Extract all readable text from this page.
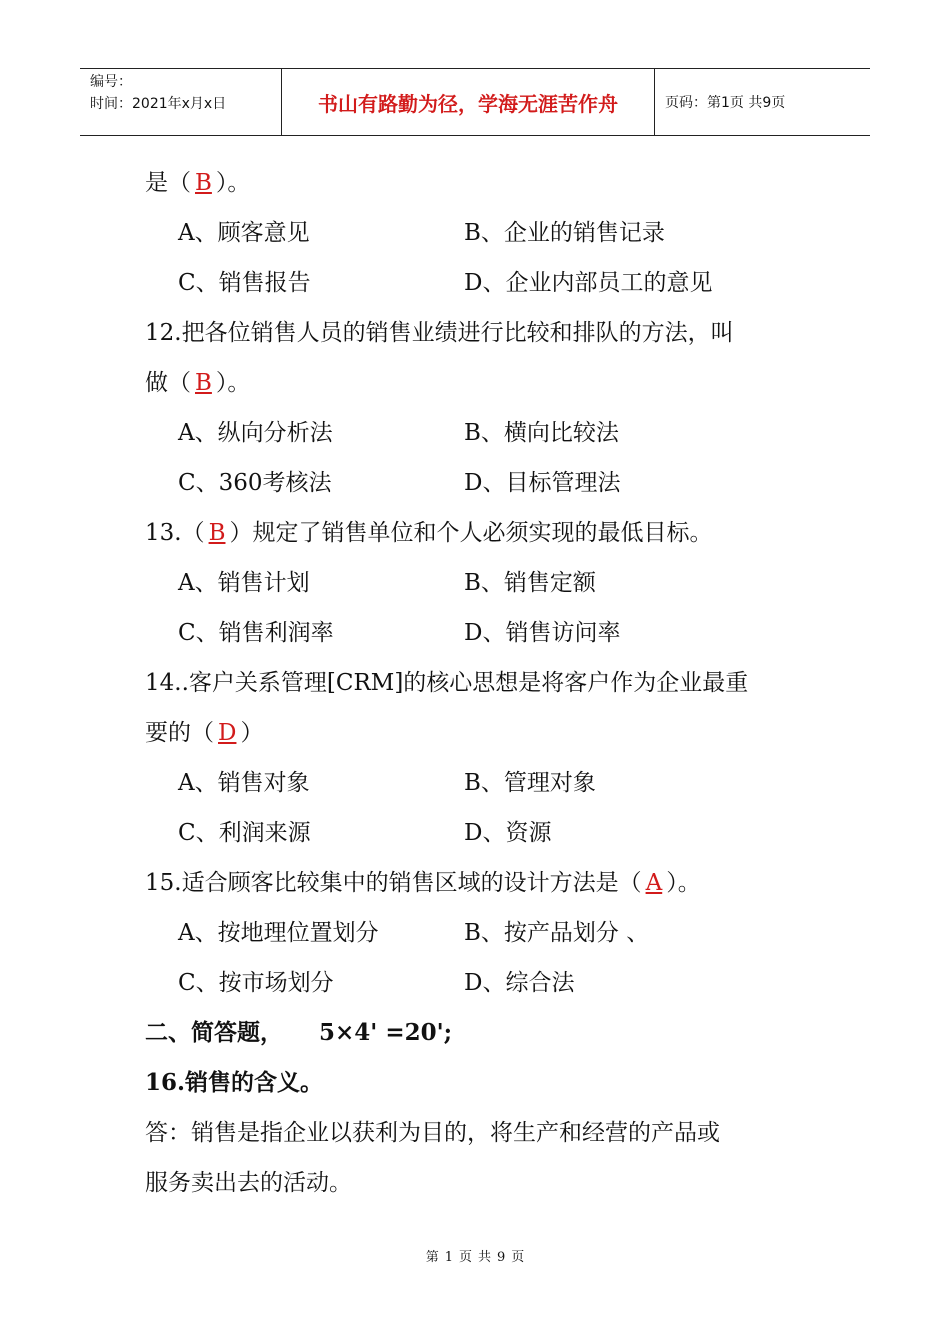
编号：
时间：2021年x月x日	书山有路勤为径，学海无涯苦作舟	页码：第1页 共9页
是（ B ）。
A、顾客意见	B、企业的销售记录
C、销售报告	D、企业内部员工的意见
12.把各位销售人员的销售业绩进行比较和排队的方法，叫
做（ B ）。
A、纵向分析法	B、横向比较法
C、360考核法	D、目标管理法
13.（ B ）规定了销售单位和个人必须实现的最低目标。
A、销售计划	B、销售定额
C、销售利润率	D、销售访问率
14..客户关系管理[CRM]的核心思想是将客户作为企业最重
要的（ D ）
A、销售对象	B、管理对象
C、利润来源	D、资源
15.适合顾客比较集中的销售区域的设计方法是（ A ）。
A、按地理位置划分	B、按产品划分 、
C、按市场划分	D、综合法
二、简答题， 5×4' =20';
16.销售的含义。
答：销售是指企业以获利为目的，将生产和经营的产品或
服务卖出去的活动。
第 1 页 共 9 页
